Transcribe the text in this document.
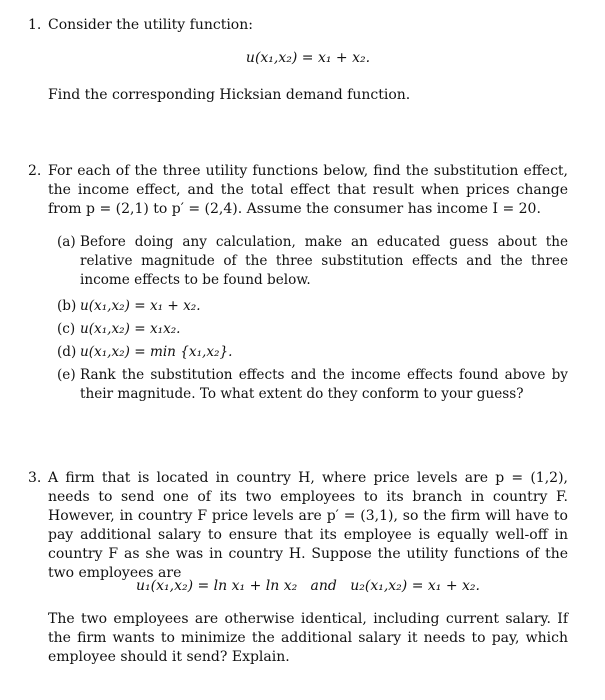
1. Consider the utility function:

u(x₁,x₂) = x₁ + x₂.

Find the corresponding Hicksian demand function.

2. For each of the three utility functions below, find the substitution effect, the income effect, and the total effect that result when prices change from p = (2,1) to p′ = (2,4). Assume the consumer has income I = 20.

(a) Before doing any calculation, make an educated guess about the relative magnitude of the three substitution effects and the three income effects to be found below.
(b) u(x₁,x₂) = x₁ + x₂.
(c) u(x₁,x₂) = x₁x₂.
(d) u(x₁,x₂) = min {x₁,x₂}.
(e) Rank the substitution effects and the income effects found above by their magnitude. To what extent do they conform to your guess?
3. A firm that is located in country H, where price levels are p = (1,2), needs to send one of its two employees to its branch in country F. However, in country F price levels are p′ = (3,1), so the firm will have to pay additional salary to ensure that its employee is equally well-off in country F as she was in country H. Suppose the utility functions of the two employees are

u₁(x₁,x₂) = ln x₁ + ln x₂   and   u₂(x₁,x₂) = x₁ + x₂.

The two employees are otherwise identical, including current salary. If the firm wants to minimize the additional salary it needs to pay, which employee should it send? Explain.
